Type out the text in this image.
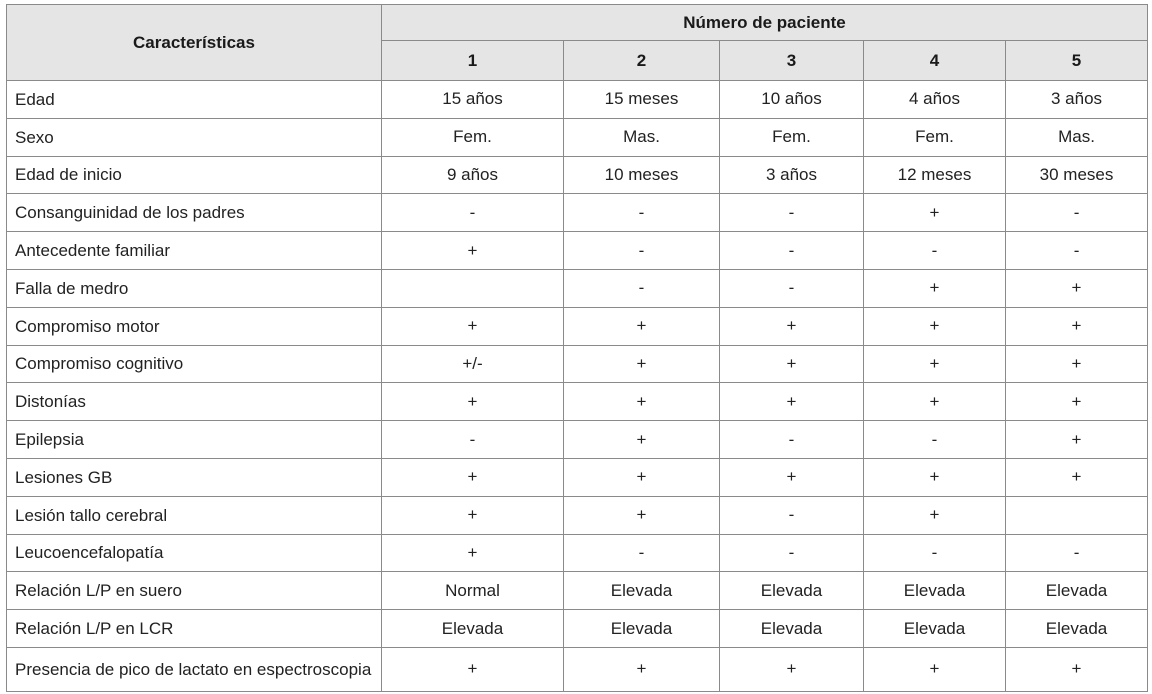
Características	Número de paciente				
	1	2	3	4	5
Edad	15 años	15 meses	10 años	4 años	3 años
Sexo	Fem.	Mas.	Fem.	Fem.	Mas.
Edad de inicio	9 años	10 meses	3 años	12 meses	30 meses
Consanguinidad de los padres	-	-	-	+	-
Antecedente familiar	+	-	-	-	-
Falla de medro		-	-	+	+
Compromiso motor	+	+	+	+	+
Compromiso cognitivo	+/-	+	+	+	+
Distonías	+	+	+	+	+
Epilepsia	-	+	-	-	+
Lesiones GB	+	+	+	+	+
Lesión tallo cerebral	+	+	-	+	
Leucoencefalopatía	+	-	-	-	-
Relación L/P en suero	Normal	Elevada	Elevada	Elevada	Elevada
Relación L/P en LCR	Elevada	Elevada	Elevada	Elevada	Elevada
Presencia de pico de lactato en espectroscopia	+	+	+	+	+
